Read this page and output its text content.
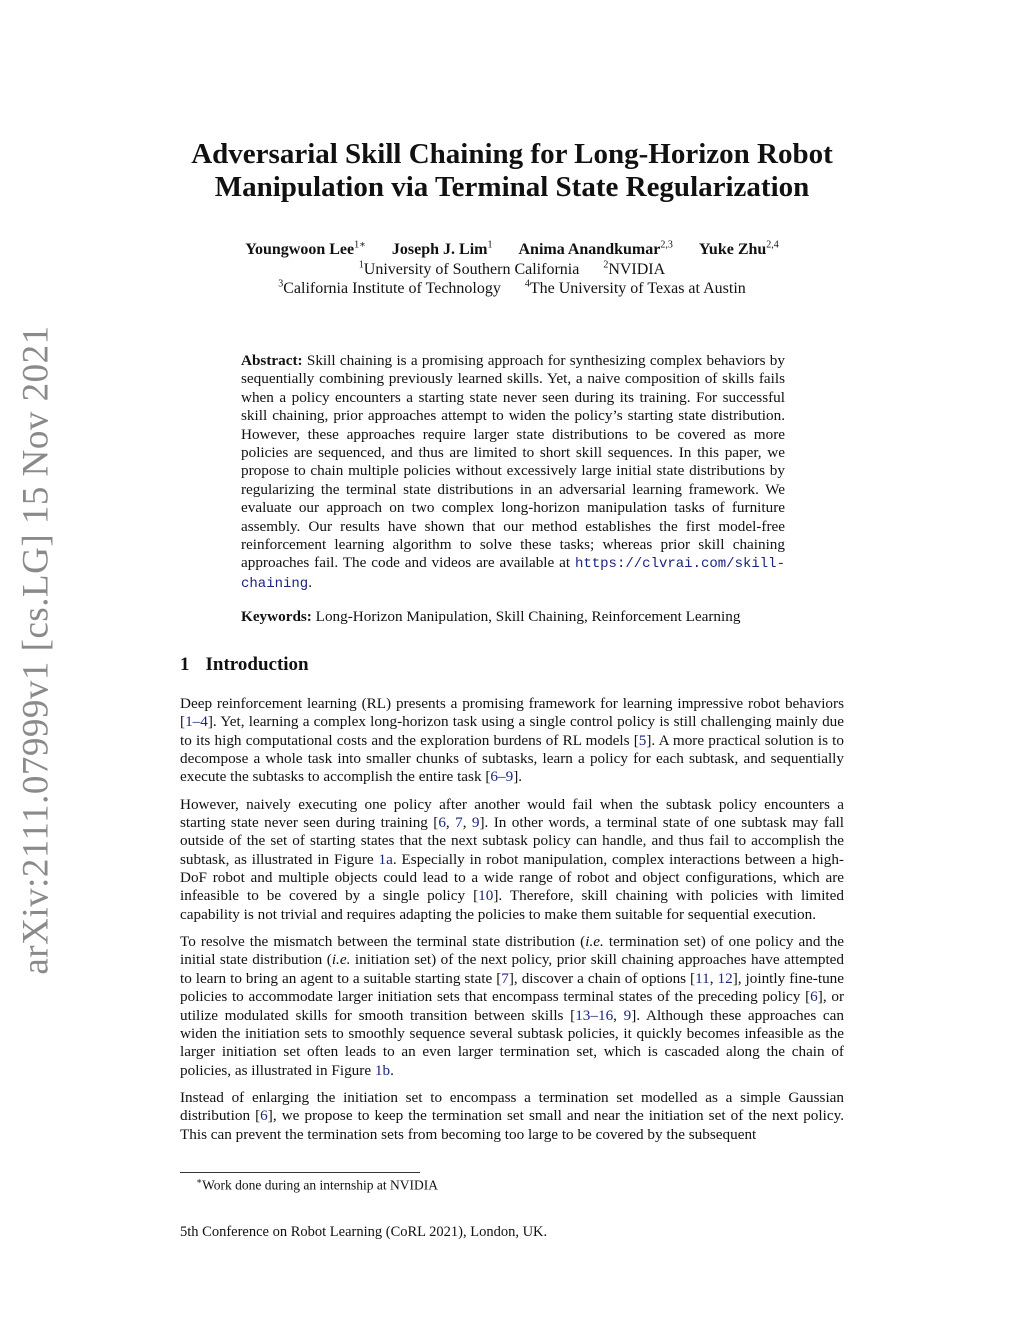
arXiv:2111.07999v1 [cs.LG] 15 Nov 2021
Adversarial Skill Chaining for Long-Horizon Robot
Manipulation via Terminal State Regularization
Youngwoon Lee$^{1∗}$ Joseph J. Lim$^1$ Anima Anandkumar$^{2,3}$ Yuke Zhu$^{2,4}$
$^1$University of Southern California $^2$NVIDIA
$^3$California Institute of Technology $^4$The University of Texas at Austin
Abstract: Skill chaining is a promising approach for synthesizing complex behaviors by sequentially combining previously learned skills. Yet, a naive composition of skills fails when a policy encounters a starting state never seen during its training. For successful skill chaining, prior approaches attempt to widen the policy’s starting state distribution. However, these approaches require larger state distributions to be covered as more policies are sequenced, and thus are limited to short skill sequences. In this paper, we propose to chain multiple policies without excessively large initial state distributions by regularizing the terminal state distributions in an adversarial learning framework. We evaluate our approach on two complex long-horizon manipulation tasks of furniture assembly. Our results have shown that our method establishes the first model-free reinforcement learning algorithm to solve these tasks; whereas prior skill chaining approaches fail. The code and videos are available at https://clvrai.com/skill-chaining.
Keywords: Long-Horizon Manipulation, Skill Chaining, Reinforcement Learning
1 Introduction

Deep reinforcement learning (RL) presents a promising framework for learning impressive robot behaviors [1–4]. Yet, learning a complex long-horizon task using a single control policy is still challenging mainly due to its high computational costs and the exploration burdens of RL models [5]. A more practical solution is to decompose a whole task into smaller chunks of subtasks, learn a policy for each subtask, and sequentially execute the subtasks to accomplish the entire task [6–9].

However, naively executing one policy after another would fail when the subtask policy encounters a starting state never seen during training [6, 7, 9]. In other words, a terminal state of one subtask may fall outside of the set of starting states that the next subtask policy can handle, and thus fail to accomplish the subtask, as illustrated in Figure 1a. Especially in robot manipulation, complex interactions between a high-DoF robot and multiple objects could lead to a wide range of robot and object configurations, which are infeasible to be covered by a single policy [10]. Therefore, skill chaining with policies with limited capability is not trivial and requires adapting the policies to make them suitable for sequential execution.

To resolve the mismatch between the terminal state distribution (i.e. termination set) of one policy and the initial state distribution (i.e. initiation set) of the next policy, prior skill chaining approaches have attempted to learn to bring an agent to a suitable starting state [7], discover a chain of options [11, 12], jointly fine-tune policies to accommodate larger initiation sets that encompass terminal states of the preceding policy [6], or utilize modulated skills for smooth transition between skills [13–16, 9]. Although these approaches can widen the initiation sets to smoothly sequence several subtask policies, it quickly becomes infeasible as the larger initiation set often leads to an even larger termination set, which is cascaded along the chain of policies, as illustrated in Figure 1b.

Instead of enlarging the initiation set to encompass a termination set modelled as a simple Gaussian distribution [6], we propose to keep the termination set small and near the initiation set of the next policy. This can prevent the termination sets from becoming too large to be covered by the subsequent

∗Work done during an internship at NVIDIA
5th Conference on Robot Learning (CoRL 2021), London, UK.
